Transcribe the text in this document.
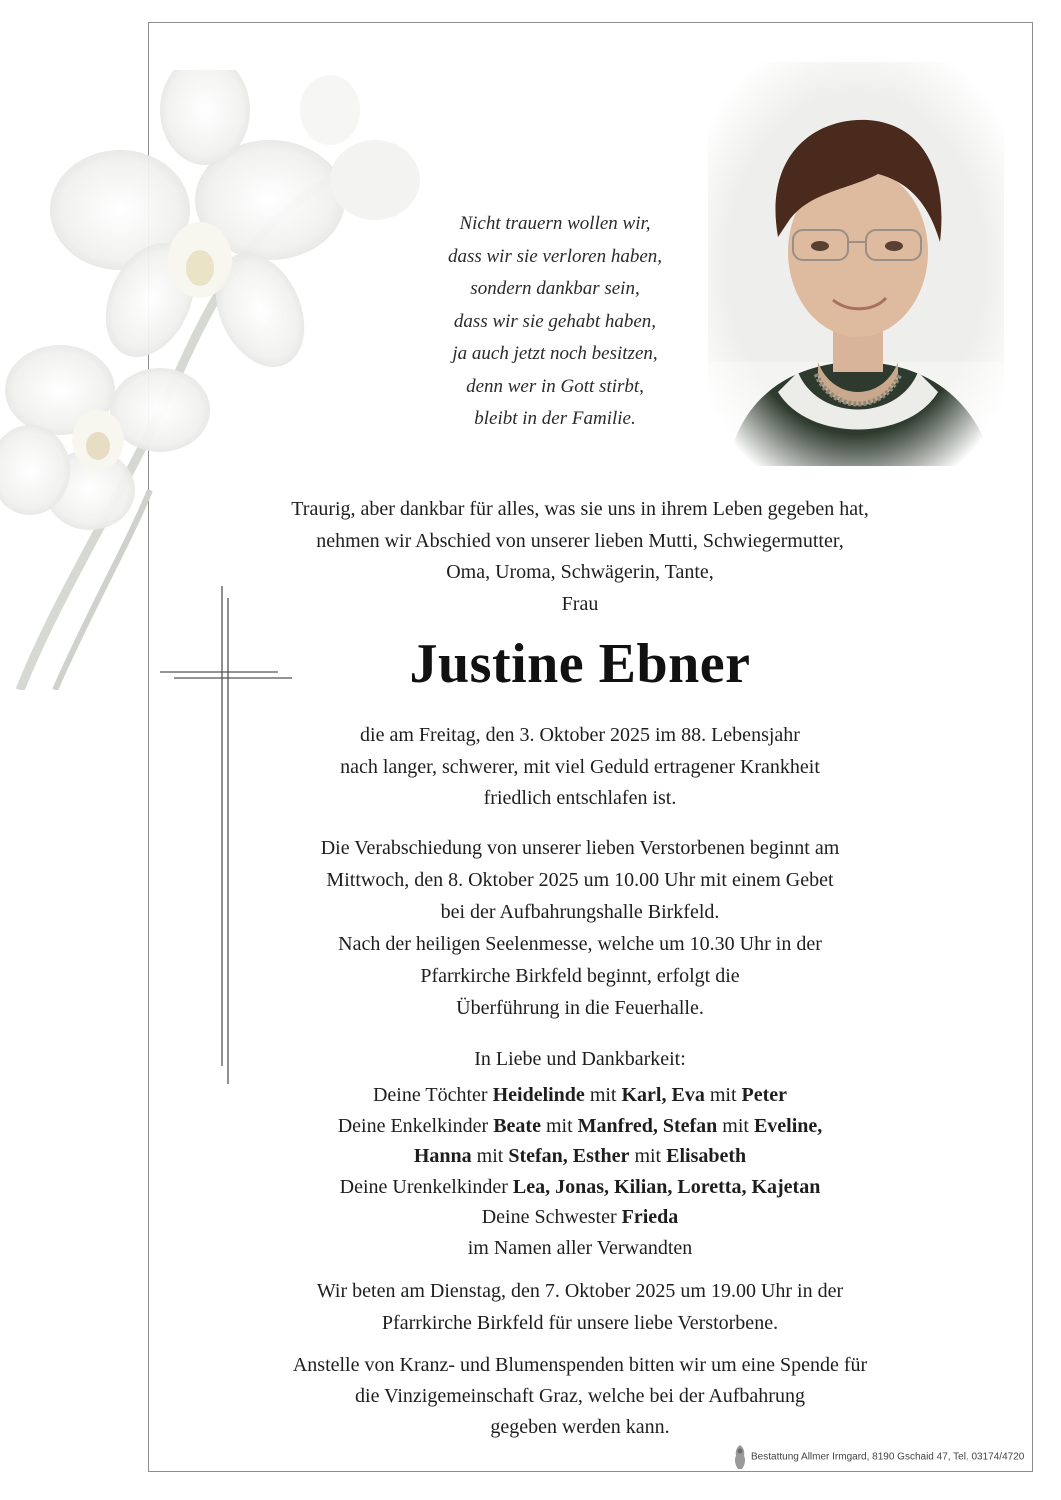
Nicht trauern wollen wir,
dass wir sie verloren haben,
sondern dankbar sein,
dass wir sie gehabt haben,
ja auch jetzt noch besitzen,
denn wer in Gott stirbt,
bleibt in der Familie.
Traurig, aber dankbar für alles, was sie uns in ihrem Leben gegeben hat,
nehmen wir Abschied von unserer lieben Mutti, Schwiegermutter,
Oma, Uroma, Schwägerin, Tante,
Frau
Justine Ebner
die am Freitag, den 3. Oktober 2025 im 88. Lebensjahr
nach langer, schwerer, mit viel Geduld ertragener Krankheit
friedlich entschlafen ist.
Die Verabschiedung von unserer lieben Verstorbenen beginnt am
Mittwoch, den 8. Oktober 2025 um 10.00 Uhr mit einem Gebet
bei der Aufbahrungshalle Birkfeld.
Nach der heiligen Seelenmesse, welche um 10.30 Uhr in der
Pfarrkirche Birkfeld beginnt, erfolgt die
Überführung in die Feuerhalle.
In Liebe und Dankbarkeit:
Deine Töchter Heidelinde mit Karl, Eva mit Peter
Deine Enkelkinder Beate mit Manfred, Stefan mit Eveline,
Hanna mit Stefan, Esther mit Elisabeth
Deine Urenkelkinder Lea, Jonas, Kilian, Loretta, Kajetan
Deine Schwester Frieda
im Namen aller Verwandten
Wir beten am Dienstag, den 7. Oktober 2025 um 19.00 Uhr in der
Pfarrkirche Birkfeld für unsere liebe Verstorbene.
Anstelle von Kranz- und Blumenspenden bitten wir um eine Spende für
die Vinzigemeinschaft Graz, welche bei der Aufbahrung
gegeben werden kann.
Bestattung Allmer Irmgard, 8190 Gschaid 47, Tel. 03174/4720
